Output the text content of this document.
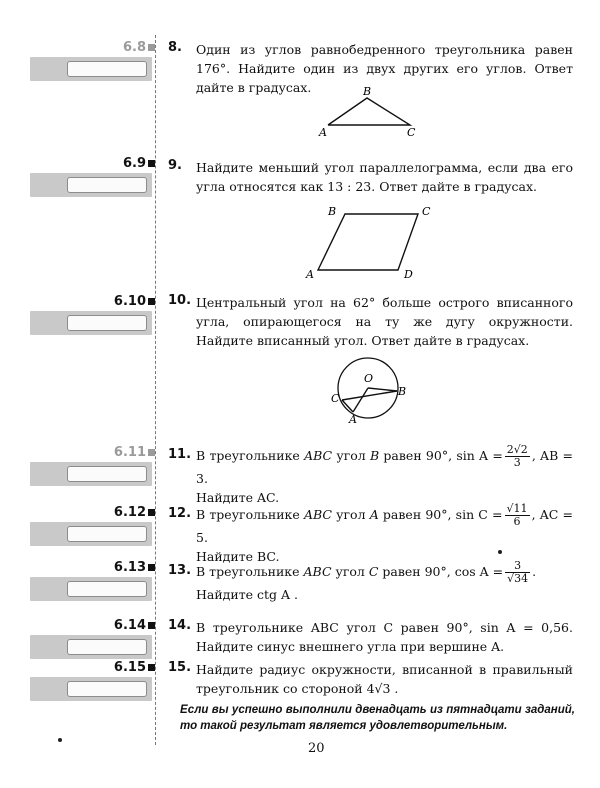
6.8
6.9
6.10
6.11
6.12
6.13
6.14
6.15
8. Один из углов равнобедренного треугольника равен 176°. Найдите один из двух других его углов. Ответ дайте в градусах.
A
B
C
9. Найдите меньший угол параллелограмма, если два его угла относятся как 13 : 23. Ответ дайте в градусах.
A
B	C
D
10. Центральный угол на 62° больше острого вписанного угла, опирающегося на ту же дугу окружности. Найдите вписанный угол. Ответ дайте в градусах.
O
B
C
A
11. В треугольнике ABC угол B равен 90°, $\sin A = \frac{2√2}{3}$ , AB = 3.
Найдите AC.
12. В треугольнике ABC угол A равен 90°, $\sin C = \frac{√11}{6}$ , AC = 5.
Найдите BC.
13. В треугольнике ABC угол C равен 90°, $\cos A = \frac{3}{√34}$ .
Найдите ctg A .
14. В треугольнике ABC угол C равен 90°, sin A = 0,56. Найдите синус внешнего угла при вершине A.
15. Найдите радиус окружности, вписанной в правильный треугольник со стороной 4√3 .
Если вы успешно выполнили двенадцать из пятнадцати заданий, то такой результат является удовлетворительным.
20
